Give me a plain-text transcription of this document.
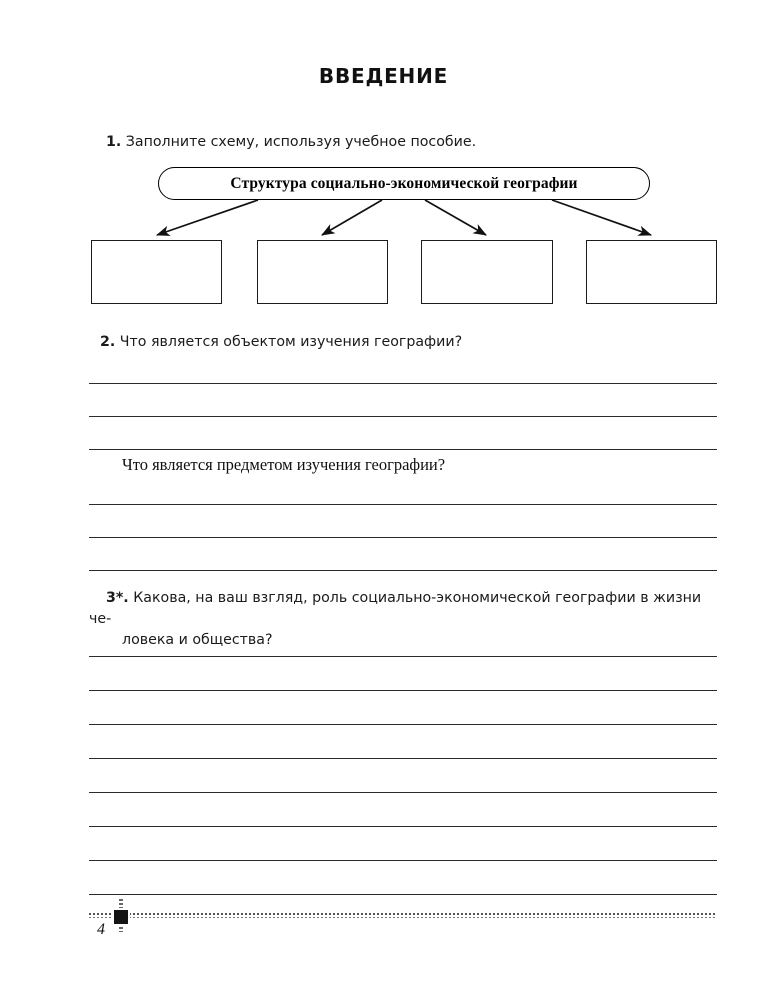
ВВЕДЕНИЕ
1. Заполните схему, используя учебное пособие.
Структура социально-экономической географии
2. Что является объектом изучения географии?
Что является предметом изучения географии?
3*. Какова, на ваш взгляд, роль социально-экономической географии в жизни че-
ловека и общества?
4
